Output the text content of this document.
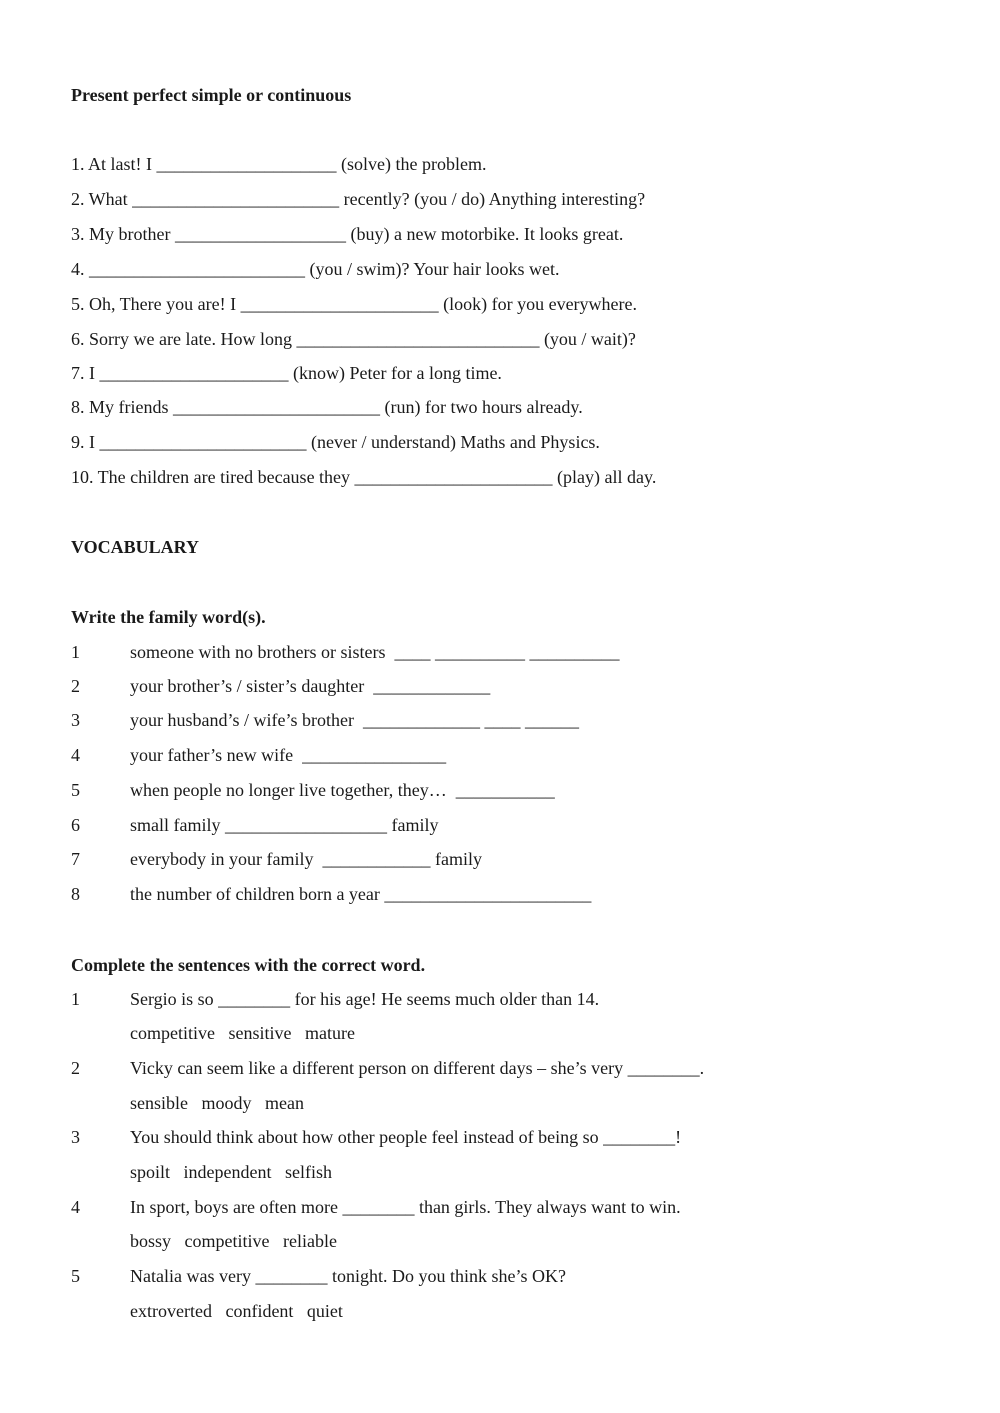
Present perfect simple or continuous
1. At last! I ____________________ (solve) the problem.
2. What _______________________ recently? (you / do) Anything interesting?
3. My brother ___________________ (buy) a new motorbike. It looks great.
4. ________________________ (you / swim)? Your hair looks wet.
5. Oh, There you are! I ______________________ (look) for you everywhere.
6. Sorry we are late. How long ___________________________ (you / wait)?
7. I _____________________ (know) Peter for a long time.
8. My friends _______________________ (run) for two hours already.
9. I _______________________ (never / understand) Maths and Physics.
10. The children are tired because they ______________________ (play) all day.
VOCABULARY
Write the family word(s).
1	someone with no brothers or sisters  ____ __________ __________
2	your brother’s / sister’s daughter  _____________
3	your husband’s / wife’s brother  _____________ ____ ______
4	your father’s new wife  ________________
5	when people no longer live together, they…  ___________
6	small family __________________ family
7	everybody in your family  ____________ family
8	the number of children born a year _______________________
Complete the sentences with the correct word.
1	Sergio is so ________ for his age! He seems much older than 14.
competitive   sensitive   mature
2	Vicky can seem like a different person on different days – she’s very ________.
sensible   moody   mean
3	You should think about how other people feel instead of being so ________!
spoilt   independent   selfish
4	In sport, boys are often more ________ than girls. They always want to win.
bossy   competitive   reliable
5	Natalia was very ________ tonight. Do you think she’s OK?
extroverted   confident   quiet
